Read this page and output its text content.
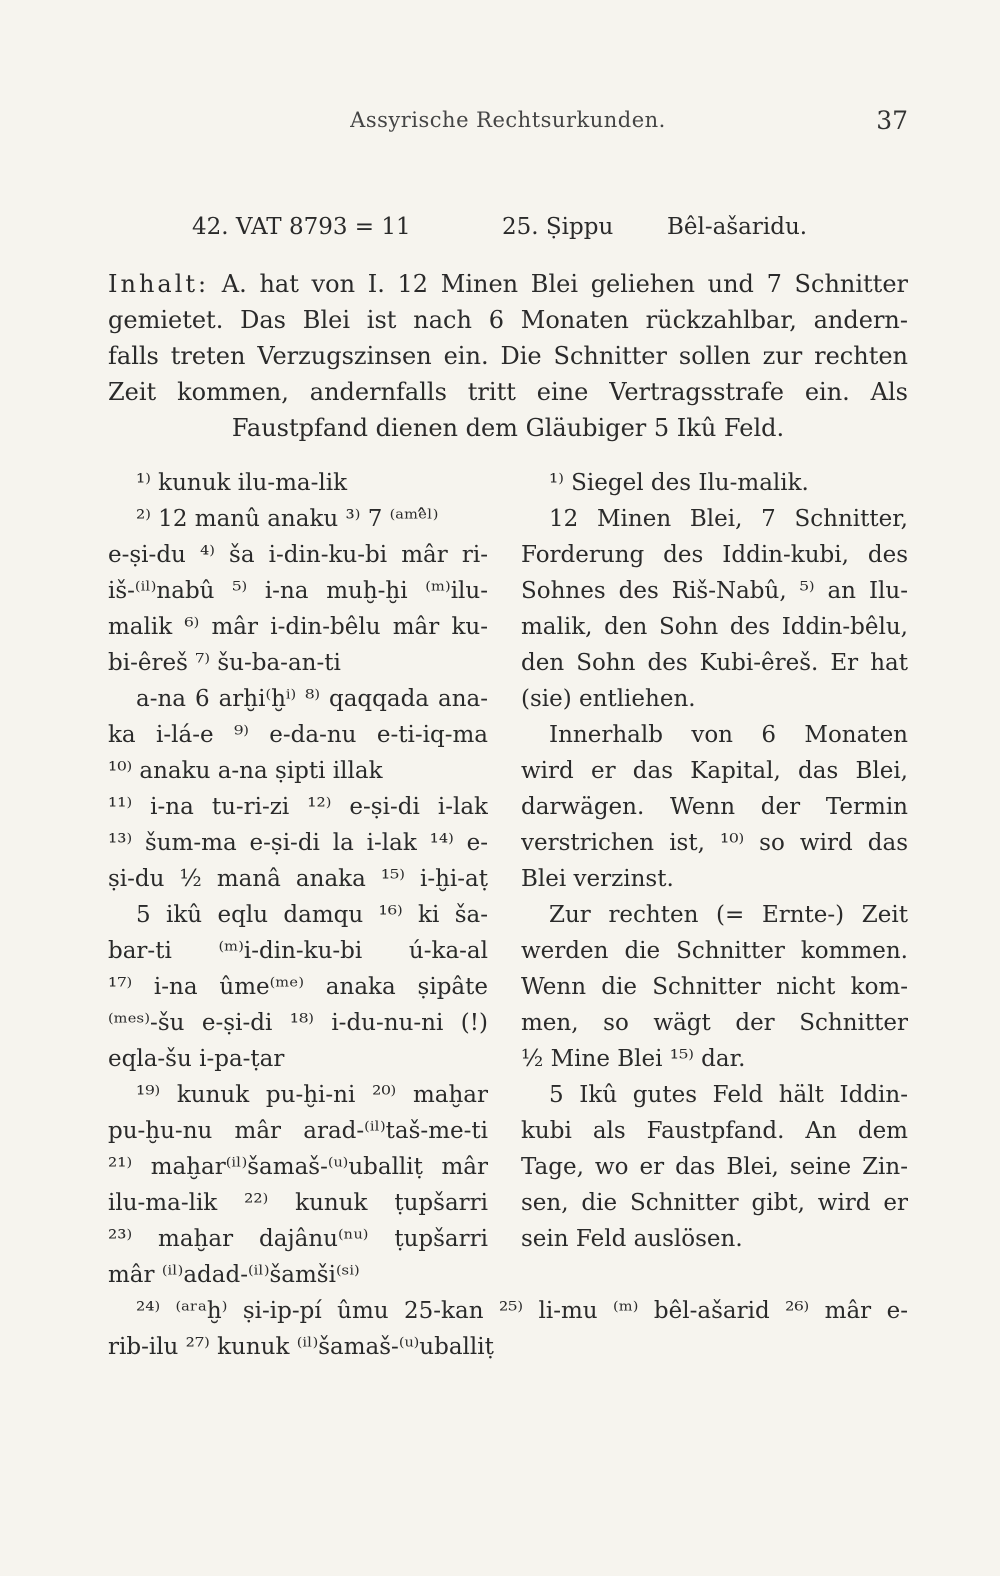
Assyrische Rechtsurkunden.	37
42. VAT 8793 = 11	25. Ṣippu Bêl-ašaridu.
Inhalt: A. hat von I. 12 Minen Blei geliehen und 7 Schnitter
gemietet. Das Blei ist nach 6 Monaten rückzahlbar, andern-
falls treten Verzugszinsen ein. Die Schnitter sollen zur rechten
Zeit kommen, andernfalls tritt eine Vertragsstrafe ein. Als
Faustpfand dienen dem Gläubiger 5 Ikû Feld.
¹⁾ kunuk ilu-ma-lik
²⁾ 12 manû anaku ³⁾ 7 ⁽ᵃᵐᵉ̂ˡ⁾
e-ṣi-du ⁴⁾ ša i-din-ku-bi mâr ri-
iš-⁽ⁱˡ⁾nabû ⁵⁾ i-na muḫ-ḫi ⁽ᵐ⁾ilu-
malik ⁶⁾ mâr i-din-bêlu mâr ku-
bi-êreš ⁷⁾ šu-ba-an-ti
a-na 6 arḫi⁽ḫⁱ⁾ ⁸⁾ qaqqada ana-
ka i-lá-e ⁹⁾ e-da-nu e-ti-iq-ma
¹⁰⁾ anaku a-na ṣipti illak
¹¹⁾ i-na tu-ri-zi ¹²⁾ e-ṣi-di i-lak
¹³⁾ šum-ma e-ṣi-di la i-lak ¹⁴⁾ e-
ṣi-du ½ manâ anaka ¹⁵⁾ i-ḫi-aṭ
5 ikû eqlu damqu ¹⁶⁾ ki ša-
bar-ti ⁽ᵐ⁾i-din-ku-bi ú-ka-al
¹⁷⁾ i-na ûme⁽ᵐᵉ⁾ anaka ṣipâte
⁽ᵐᵉˢ⁾-šu e-ṣi-di ¹⁸⁾ i-du-nu-ni (!)
eqla-šu i-pa-ṭar
¹⁹⁾ kunuk pu-ḫi-ni ²⁰⁾ maḫar
pu-ḫu-nu mâr arad-⁽ⁱˡ⁾taš-me-ti
²¹⁾ maḫar⁽ⁱˡ⁾šamaš-⁽ᵘ⁾uballiṭ mâr
ilu-ma-lik ²²⁾ kunuk ṭupšarri
²³⁾ maḫar dajânu⁽ⁿᵘ⁾ ṭupšarri
mâr ⁽ⁱˡ⁾adad-⁽ⁱˡ⁾šamši⁽ˢⁱ⁾
¹⁾ Siegel des Ilu-malik.
12 Minen Blei, 7 Schnitter,
Forderung des Iddin-kubi, des
Sohnes des Riš-Nabû, ⁵⁾ an Ilu-
malik, den Sohn des Iddin-bêlu,
den Sohn des Kubi-êreš. Er hat
(sie) entliehen.
Innerhalb von 6 Monaten
wird er das Kapital, das Blei,
darwägen. Wenn der Termin
verstrichen ist, ¹⁰⁾ so wird das
Blei verzinst.
Zur rechten (= Ernte-) Zeit
werden die Schnitter kommen.
Wenn die Schnitter nicht kom-
men, so wägt der Schnitter
½ Mine Blei ¹⁵⁾ dar.
5 Ikû gutes Feld hält Iddin-
kubi als Faustpfand. An dem
Tage, wo er das Blei, seine Zin-
sen, die Schnitter gibt, wird er
sein Feld auslösen.
²⁴⁾ ⁽ᵃʳᵃḫ⁾ ṣi-ip-pí ûmu 25-kan ²⁵⁾ li-mu ⁽ᵐ⁾ bêl-ašarid ²⁶⁾ mâr e-
rib-ilu ²⁷⁾ kunuk ⁽ⁱˡ⁾šamaš-⁽ᵘ⁾uballiṭ
